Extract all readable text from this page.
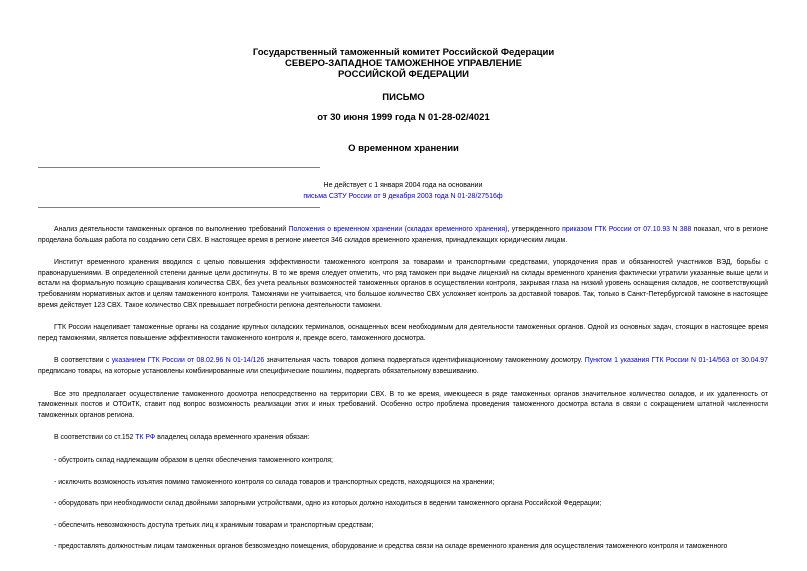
Государственный таможенный комитет Российской Федерации
СЕВЕРО-ЗАПАДНОЕ ТАМОЖЕННОЕ УПРАВЛЕНИЕ
РОССИЙСКОЙ ФЕДЕРАЦИИ
ПИСЬМО
от 30 июня 1999 года N 01-28-02/4021
О временном хранении
Не действует с 1 января 2004 года на основании
письма СЗТУ России от 9 декабря 2003 года N 01-28/27516ф

Анализ деятельности таможенных органов по выполнению требований Положения о временном хранении (складах временного хранения), утвержденного приказом ГТК России от 07.10.93 N 388 показал, что в регионе проделана большая работа по созданию сети СВХ. В настоящее время в регионе имеется 346 складов временного хранения, принадлежащих юридическим лицам.

Институт временного хранения вводился с целью повышения эффективности таможенного контроля за товарами и транспортными средствами, упорядочения прав и обязанностей участников ВЭД, борьбы с правонарушениями. В определенной степени данные цели достигнуты. В то же время следует отметить, что ряд таможен при выдаче лицензий на склады временного хранения фактически утратили указанные выше цели и встали на формальную позицию сращивания количества СВХ, без учета реальных возможностей таможенных органов в осуществлении контроля, закрывая глаза на низкий уровень оснащения складов, не соответствующий требованиям нормативных актов и целям таможенного контроля. Таможнями не учитывается, что большое количество СВХ усложняет контроль за доставкой товаров. Так, только в Санкт-Петербургской таможне в настоящее время действует 123 СВХ. Такое количество СВХ превышает потребности региона деятельности таможни.

ГТК России нацеливает таможенные органы на создание крупных складских терминалов, оснащенных всем необходимым для деятельности таможенных органов. Одной из основных задач, стоящих в настоящее время перед таможнями, является повышение эффективности таможенного контроля и, прежде всего, таможенного досмотра.

В соответствии с указанием ГТК России от 08.02.96 N 01-14/126 значительная часть товаров должна подвергаться идентификационному таможенному досмотру. Пунктом 1 указания ГТК России N 01-14/563 от 30.04.97 предписано товары, на которые установлены комбинированные или специфические пошлины, подвергать обязательному взвешиванию.

Все это предполагает осуществление таможенного досмотра непосредственно на территории СВХ. В то же время, имеющееся в ряде таможенных органов значительное количество складов, и их удаленность от таможенных постов и ОТОиТК, ставит под вопрос возможность реализации этих и иных требований. Особенно остро проблема проведения таможенного досмотра встала в связи с сокращением штатной численности таможенных органов региона.

В соответствии со ст.152 ТК РФ владелец склада временного хранения обязан:

- обустроить склад надлежащим образом в целях обеспечения таможенного контроля;

- исключить возможность изъятия помимо таможенного контроля со склада товаров и транспортных средств, находящихся на хранении;

- оборудовать при необходимости склад двойными запорными устройствами, одно из которых должно находиться в ведении таможенного органа Российской Федерации;

- обеспечить невозможность доступа третьих лиц к хранимым товарам и транспортным средствам;

- предоставлять должностным лицам таможенных органов безвозмездно помещения, оборудование и средства связи на складе временного хранения для осуществления таможенного контроля и таможенного
